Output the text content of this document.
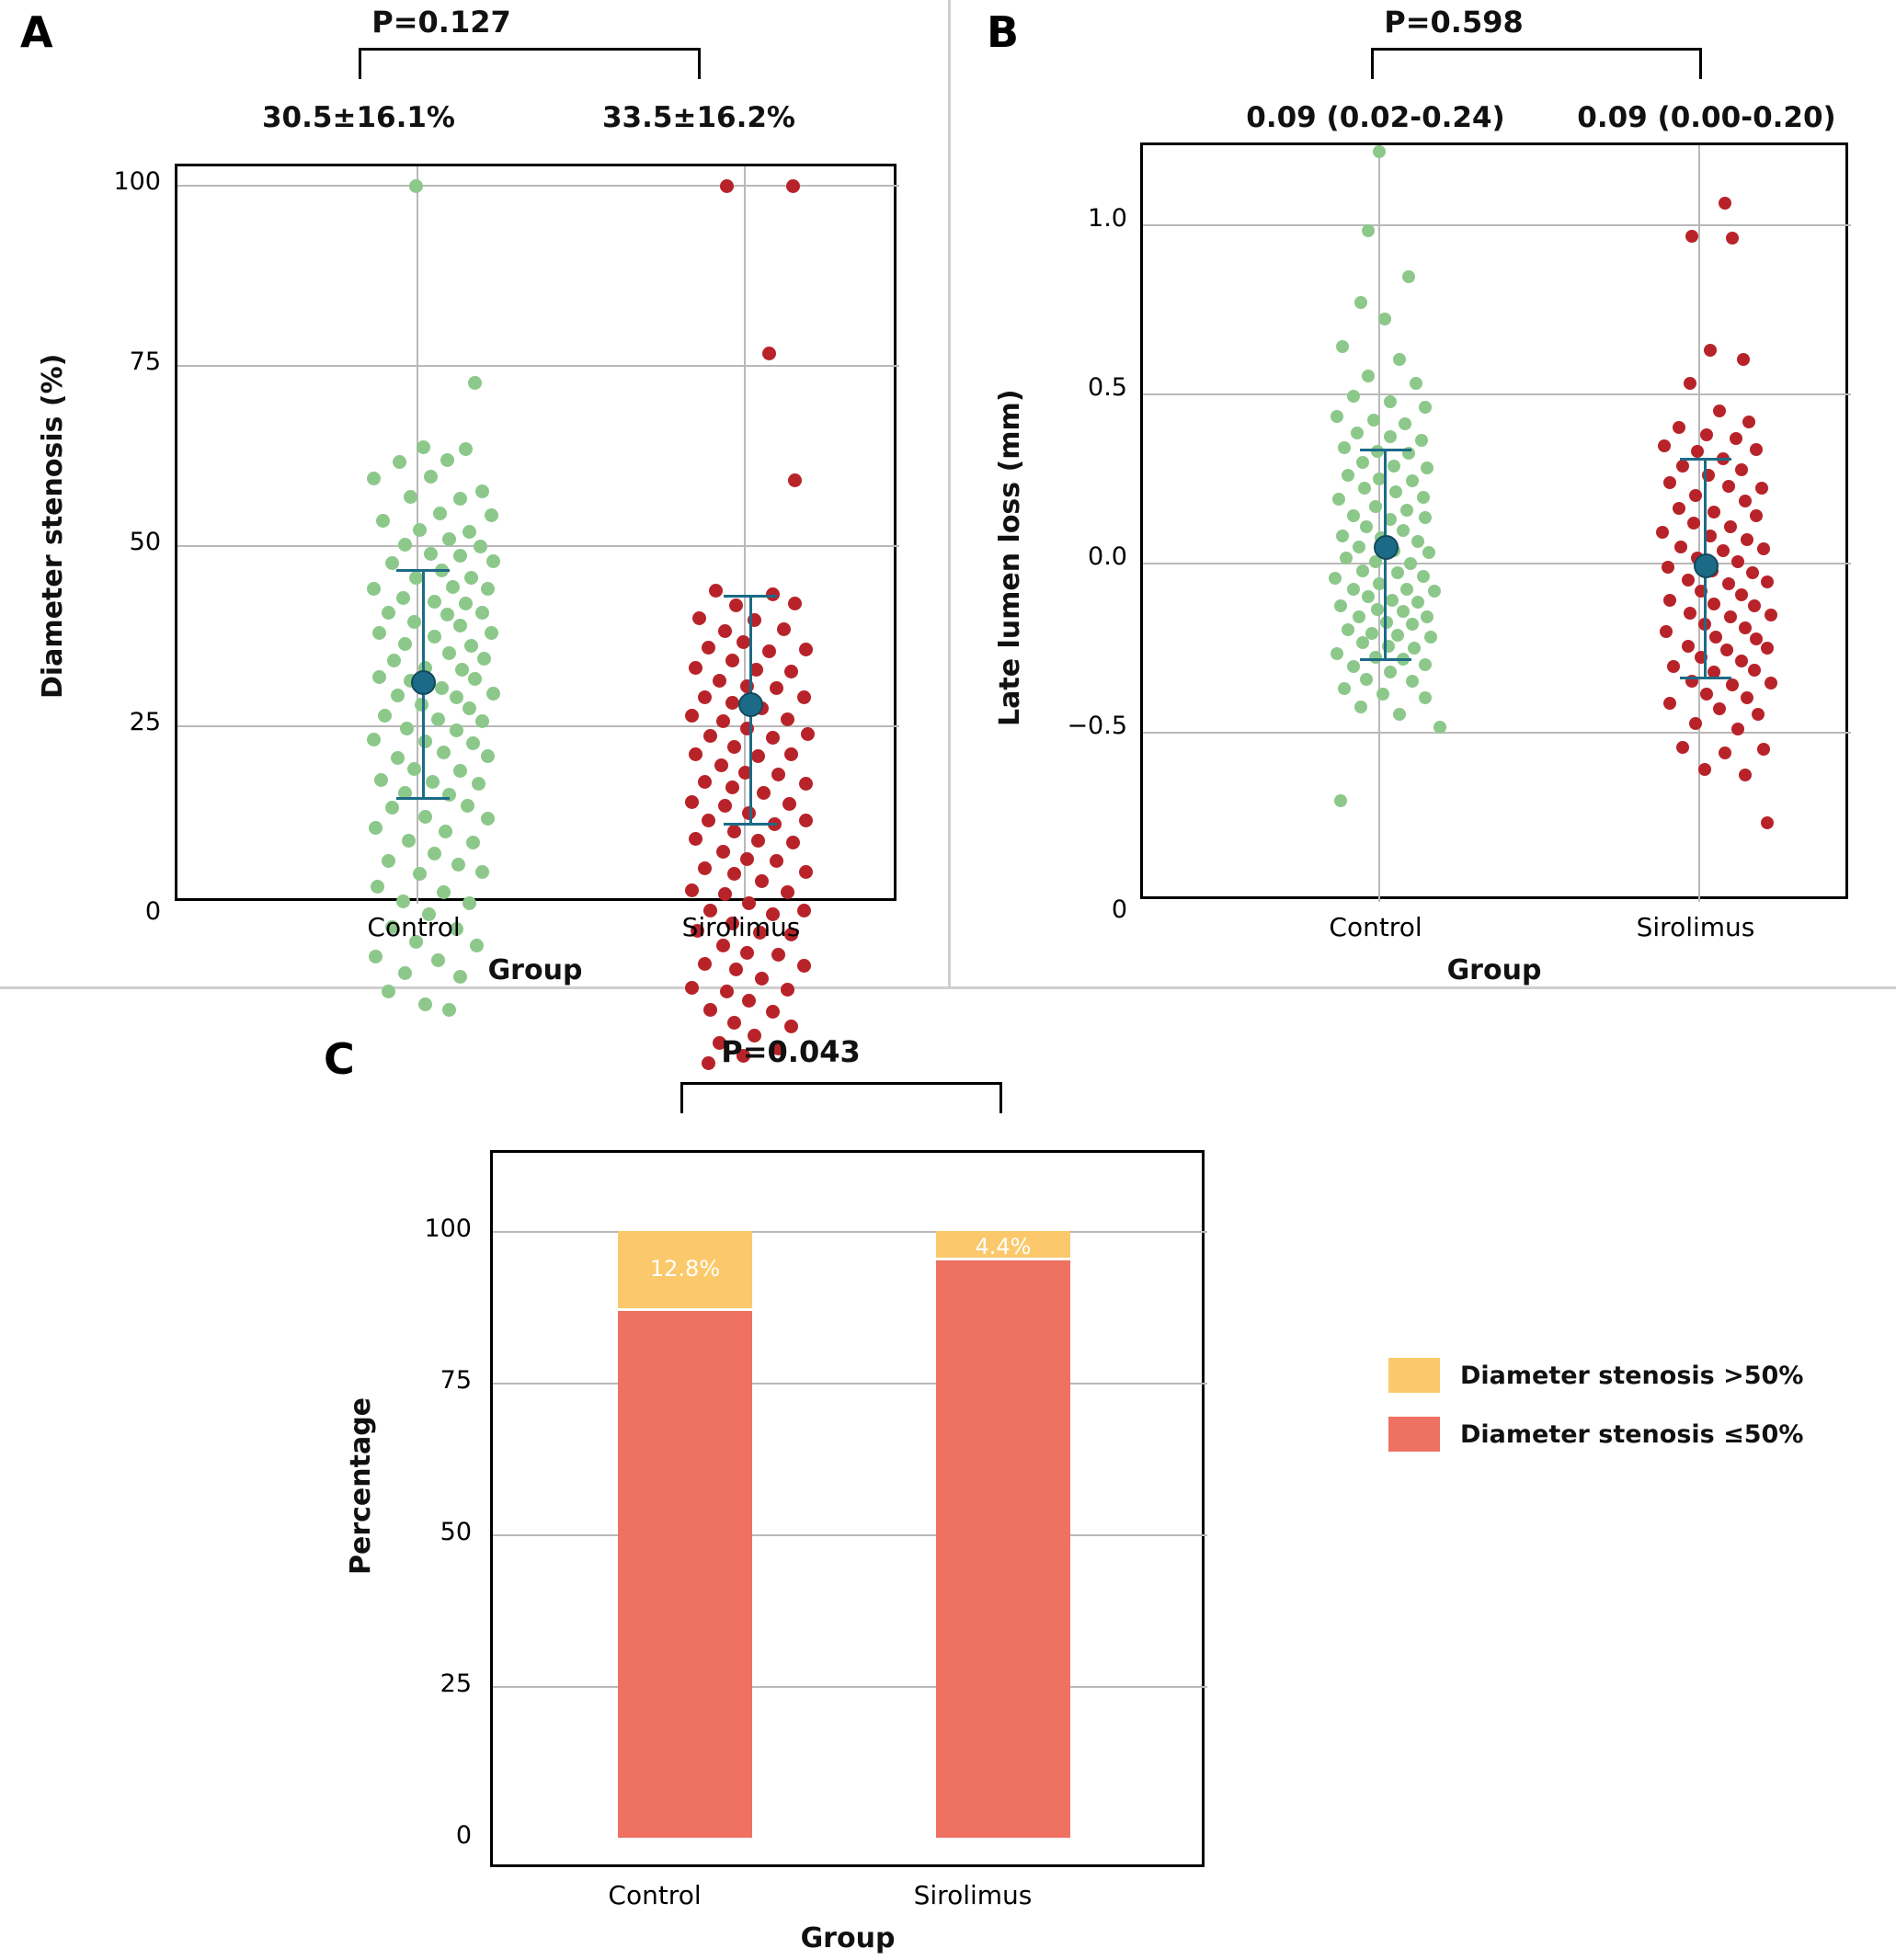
A	P=0.127
30.5±16.1%	33.5±16.2%
100
75
50
25
0
Control	Sirolimus
Group
Diameter stenosis (%)
B	P=0.598
0.09 (0.02-0.24)	0.09 (0.00-0.20)
1.0
0.5
0.0
−0.5
0
Control	Sirolimus
Group
Late lumen loss (mm)
C	P=0.043
12.8%
4.4%
100
75
50
25
0
Control	Sirolimus
Group
Percentage
Diameter stenosis >50%
Diameter stenosis ≤50%
